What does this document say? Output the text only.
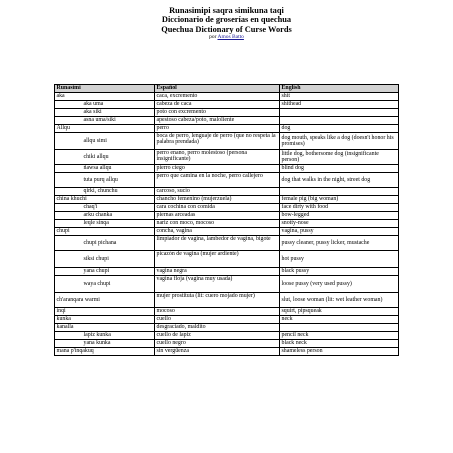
Runasimipi saqra simikuna taqi
Diccionario de groserías en quechua
Quechua Dictionary of Curse Words
por Amos Batto
Runasimi	Español	English

aka	caca, excremento	shit

aka uma	cabeza de caca	shithead

aka siki	poto con excremento	

asna uma/siki	apestoso cabeza/poto, maloliente	

Allqu	perro	dog

allqu simi	boca de perro, lenguaje de perro (que no respeta la palabra prendada)	dog mouth, speaks like a dog (doesn't honor his promises)

chiki allqu	perro enano, perro molestoso (persona insignificante)	little dog, bothersome dog (insignificante person)

ñawsa allqu	pierro ciego	blind dog

tuta purq allqu	perro que camina en la noche, perro callejero	dog that walks in the night, street dog

qirki, chunchu	carcoso, sucio	

china khuchi	chancho femenino (mujerzuela)	female pig (big woman)

chaq'i	cara cochina con comida	face dirty with food

arku chanka	piernas arceadas	bow-legged

leqle sinqa	nariz con moco, mocoso	snotty-nose

chupi	concha, vagina	vagina, pussy

chupi pichana	limpiador de vagina, lambedor de vagina, bigote	pussy cleaner, pussy licker, mustache

siksi chupi	picazón de vagina (mujer ardiente)	hot pussy

yana chupi	vagina negra	black pussy

waya chupi	vagina floja (vagina muy usada)	loose pussy (very used pussy)

ch'aranqara warmi	mujer prostituta (lit: cuero mojado mujer)	slut, loose woman (lit: wet leather woman)

inqi	mocoso	squirt, pipsqueak

kunka	cuello	neck

kanalla	desgraciado, maldito	

lapiz kunka	cuello de lapiz	pencil neck

yana kunka	cuello negro	black neck

mana p'inqakuq	sin vergüenza	shameless person
